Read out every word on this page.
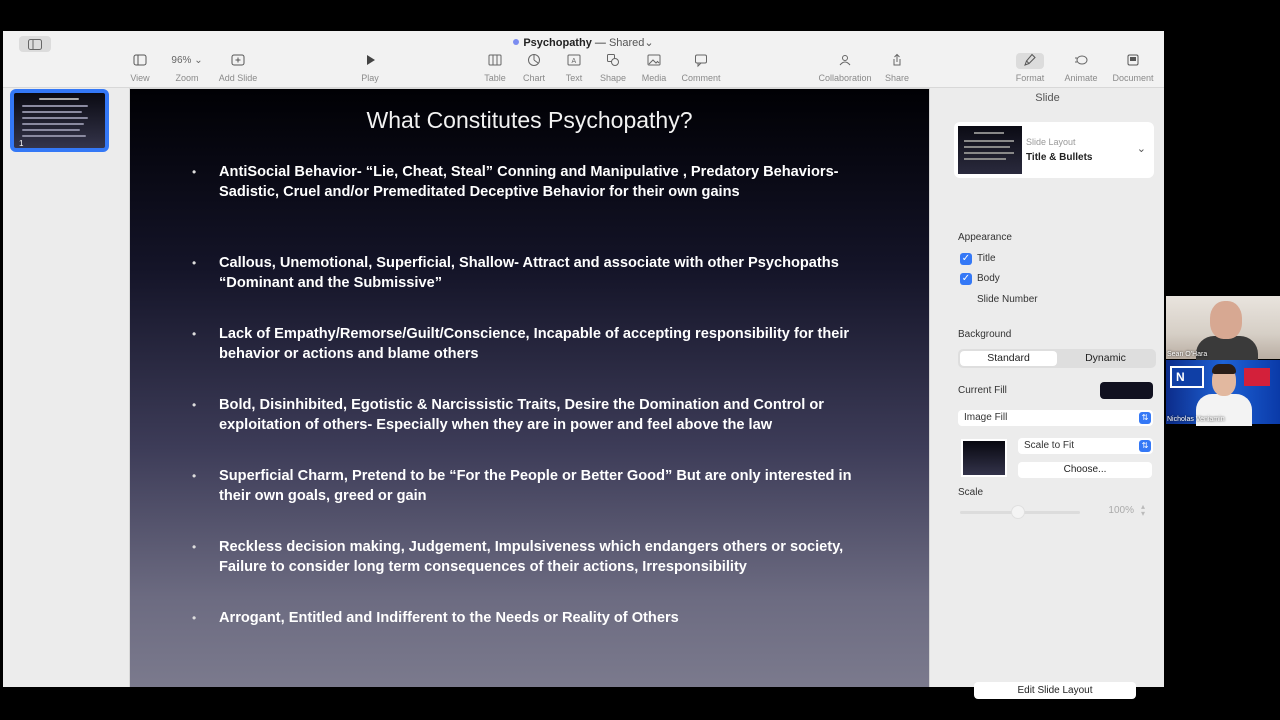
Psychopathy — Shared⌄
View
96% ⌄
Zoom	Add Slide	Play	Table Chart
A
Text	Shape Media Comment	Collaboration	Share	Format	Animate	Document
1
What Constitutes Psychopathy?
• AntiSocial Behavior- “Lie, Cheat, Steal” Conning and Manipulative , Predatory Behaviors- Sadistic, Cruel and/or Premeditated Deceptive Behavior for their own gains
• Callous, Unemotional, Superficial, Shallow- Attract and associate with other Psychopaths “Dominant and the Submissive”
• Lack of Empathy/Remorse/Guilt/Conscience, Incapable of accepting responsibility for their behavior or actions and blame others
• Bold, Disinhibited, Egotistic & Narcissistic Traits, Desire the Domination and Control or exploitation of others- Especially when they are in power and feel above the law
• Superficial Charm, Pretend to be “For the People or Better Good” But are only interested in their own goals, greed or gain
• Reckless decision making, Judgement, Impulsiveness which endangers others or society, Failure to consider long term consequences of their actions, Irresponsibility
• Arrogant, Entitled and Indifferent to the Needs or Reality of Others
Slide
Slide Layout
Title & Bullets
⌄
Appearance
✓ Title
✓ Body
Slide Number
Background
Standard	Dynamic
Current Fill
Image Fill	⇅
Scale to Fit	⇅
Choose...
Scale
100% ▴
▾
Edit Slide Layout
Sean O'Hara
N
Nicholas Veniamin
